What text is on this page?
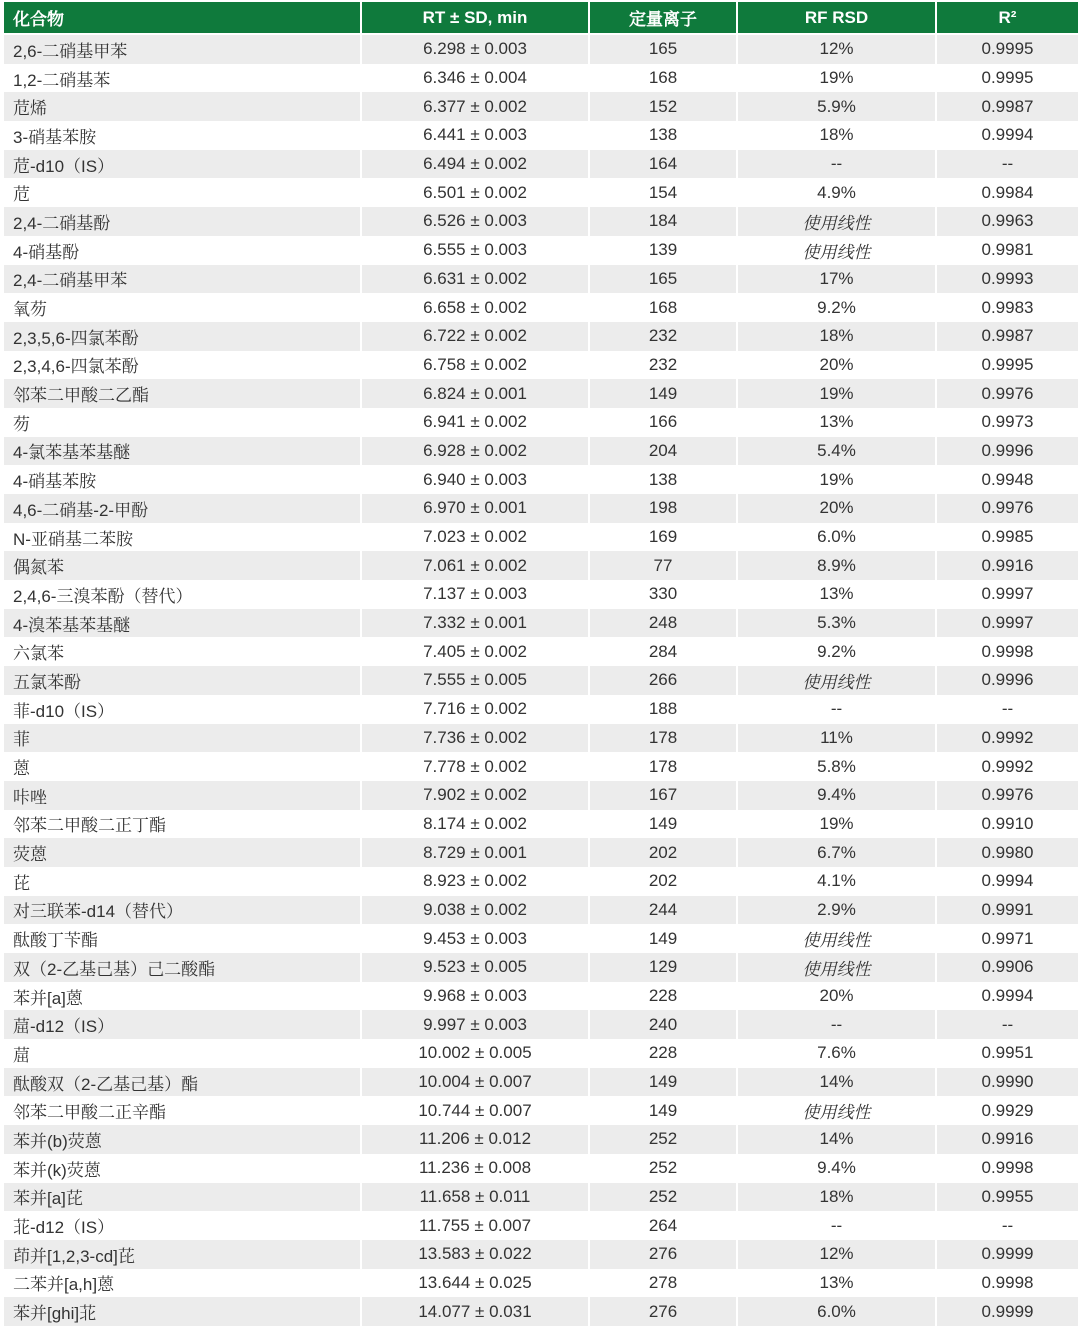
化合物	RT ± SD, min	定量离子	RF RSD	R²
2,6-二硝基甲苯	6.298 ± 0.003	165	12%	0.9995
1,2-二硝基苯	6.346 ± 0.004	168	19%	0.9995
苊烯	6.377 ± 0.002	152	5.9%	0.9987
3-硝基苯胺	6.441 ± 0.003	138	18%	0.9994
苊-d10（IS）	6.494 ± 0.002	164	--	--
苊	6.501 ± 0.002	154	4.9%	0.9984
2,4-二硝基酚	6.526 ± 0.003	184	使用线性	0.9963
4-硝基酚	6.555 ± 0.003	139	使用线性	0.9981
2,4-二硝基甲苯	6.631 ± 0.002	165	17%	0.9993
氧芴	6.658 ± 0.002	168	9.2%	0.9983
2,3,5,6-四氯苯酚	6.722 ± 0.002	232	18%	0.9987
2,3,4,6-四氯苯酚	6.758 ± 0.002	232	20%	0.9995
邻苯二甲酸二乙酯	6.824 ± 0.001	149	19%	0.9976
芴	6.941 ± 0.002	166	13%	0.9973
4-氯苯基苯基醚	6.928 ± 0.002	204	5.4%	0.9996
4-硝基苯胺	6.940 ± 0.003	138	19%	0.9948
4,6-二硝基-2-甲酚	6.970 ± 0.001	198	20%	0.9976
N-亚硝基二苯胺	7.023 ± 0.002	169	6.0%	0.9985
偶氮苯	7.061 ± 0.002	77	8.9%	0.9916
2,4,6-三溴苯酚（替代）	7.137 ± 0.003	330	13%	0.9997
4-溴苯基苯基醚	7.332 ± 0.001	248	5.3%	0.9997
六氯苯	7.405 ± 0.002	284	9.2%	0.9998
五氯苯酚	7.555 ± 0.005	266	使用线性	0.9996
菲-d10（IS）	7.716 ± 0.002	188	--	--
菲	7.736 ± 0.002	178	11%	0.9992
蒽	7.778 ± 0.002	178	5.8%	0.9992
咔唑	7.902 ± 0.002	167	9.4%	0.9976
邻苯二甲酸二正丁酯	8.174 ± 0.002	149	19%	0.9910
荧蒽	8.729 ± 0.001	202	6.7%	0.9980
芘	8.923 ± 0.002	202	4.1%	0.9994
对三联苯-d14（替代）	9.038 ± 0.002	244	2.9%	0.9991
酞酸丁苄酯	9.453 ± 0.003	149	使用线性	0.9971
双（2-乙基己基）己二酸酯	9.523 ± 0.005	129	使用线性	0.9906
苯并[a]蒽	9.968 ± 0.003	228	20%	0.9994
䓛-d12（IS）	9.997 ± 0.003	240	--	--
䓛	10.002 ± 0.005	228	7.6%	0.9951
酞酸双（2-乙基己基）酯	10.004 ± 0.007	149	14%	0.9990
邻苯二甲酸二正辛酯	10.744 ± 0.007	149	使用线性	0.9929
苯并(b)荧蒽	11.206 ± 0.012	252	14%	0.9916
苯并(k)荧蒽	11.236 ± 0.008	252	9.4%	0.9998
苯并[a]芘	11.658 ± 0.011	252	18%	0.9955
苝-d12（IS）	11.755 ± 0.007	264	--	--
茚并[1,2,3-cd]芘	13.583 ± 0.022	276	12%	0.9999
二苯并[a,h]蒽	13.644 ± 0.025	278	13%	0.9998
苯并[ghi]苝	14.077 ± 0.031	276	6.0%	0.9999
